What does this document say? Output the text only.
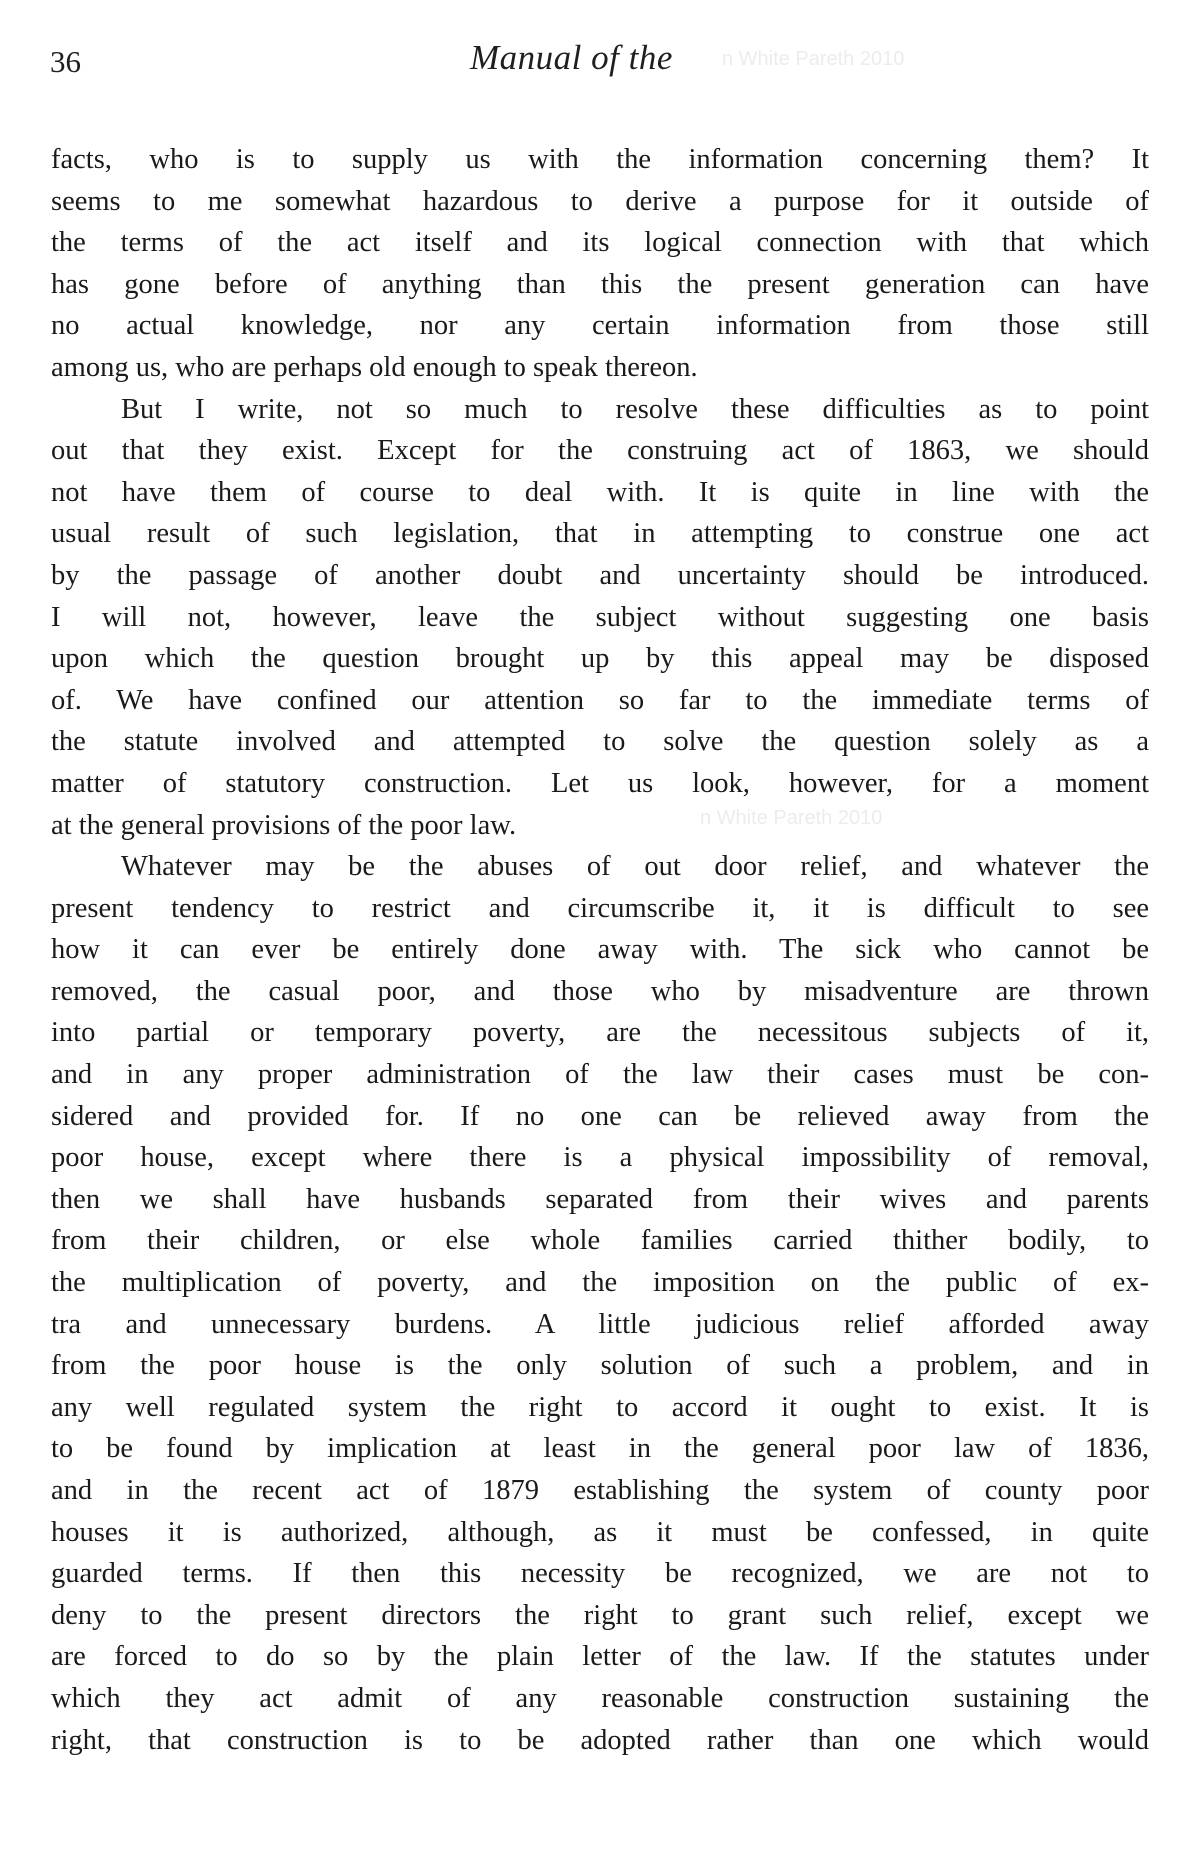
36	Manual of the n White Pareth 2010
n White Pareth 2010
facts, who is to supply us with the information concerning them? It
seems to me somewhat hazardous to derive a purpose for it outside of
the terms of the act itself and its logical connection with that which
has gone before of anything than this the present generation can have
no actual knowledge, nor any certain information from those still
among us, who are perhaps old enough to speak thereon.
But I write, not so much to resolve these difficulties as to point
out that they exist. Except for the construing act of 1863, we should
not have them of course to deal with. It is quite in line with the
usual result of such legislation, that in attempting to construe one act
by the passage of another doubt and uncertainty should be introduced.
I will not, however, leave the subject without suggesting one basis
upon which the question brought up by this appeal may be disposed
of. We have confined our attention so far to the immediate terms of
the statute involved and attempted to solve the question solely as a
matter of statutory construction. Let us look, however, for a moment
at the general provisions of the poor law.
Whatever may be the abuses of out door relief, and whatever the
present tendency to restrict and circumscribe it, it is difficult to see
how it can ever be entirely done away with. The sick who cannot be
removed, the casual poor, and those who by misadventure are thrown
into partial or temporary poverty, are the necessitous subjects of it,
and in any proper administration of the law their cases must be con-
sidered and provided for. If no one can be relieved away from the
poor house, except where there is a physical impossibility of removal,
then we shall have husbands separated from their wives and parents
from their children, or else whole families carried thither bodily, to
the multiplication of poverty, and the imposition on the public of ex-
tra and unnecessary burdens. A little judicious relief afforded away
from the poor house is the only solution of such a problem, and in
any well regulated system the right to accord it ought to exist. It is
to be found by implication at least in the general poor law of 1836,
and in the recent act of 1879 establishing the system of county poor
houses it is authorized, although, as it must be confessed, in quite
guarded terms. If then this necessity be recognized, we are not to
deny to the present directors the right to grant such relief, except we
are forced to do so by the plain letter of the law. If the statutes under
which they act admit of any reasonable construction sustaining the
right, that construction is to be adopted rather than one which would
